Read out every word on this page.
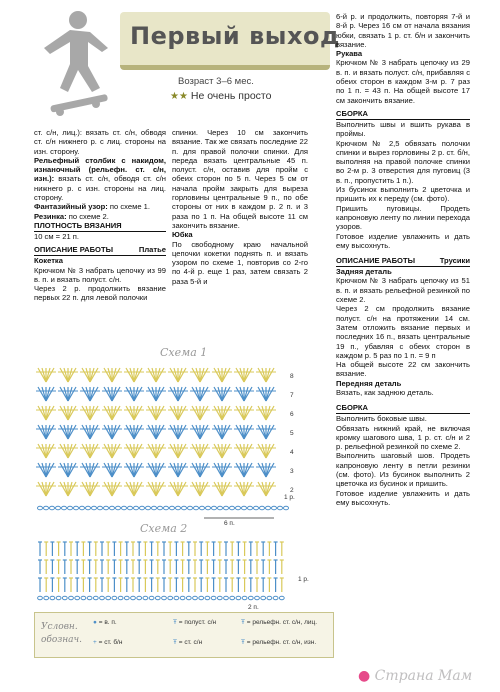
Первый выход
Возраст 3–6 мес.
★★ Не очень просто

ст. с/н, лиц.): вязать ст. с/н, обводя ст. с/н нижнего р. с лиц. стороны на изн. сторону.

Рельефный столбик с накидом, изнаночный (рельефн. ст. с/н, изн.): вязать ст. с/н, обводя ст. с/н нижнего р. с изн. стороны на лиц. сторону.

Фантазийный узор: по схеме 1.

Резинка: по схеме 2.

ПЛОТНОСТЬ ВЯЗАНИЯ

10 см = 21 п.

ОПИСАНИЕ РАБОТЫ	Платье

Кокетка

Крючком № 3 набрать цепочку из 99 в. п. и вязать полуст. с/н.

Через 2 р. продолжить вязание первых 22 п. для левой полочки

спинки. Через 10 см закончить вязание. Так же связать последние 22 п. для правой полочки спинки. Для переда вязать центральные 45 п. полуст. с/н, оставив для пройм с обеих сторон по 5 п. Через 5 см от начала пройм закрыть для выреза горловины центральные 9 п., по обе стороны от них в каждом р. 2 п. и 3 раза по 1 п. На общей высоте 11 см закончить вязание.

Юбка

По свободному краю начальной цепочки кокетки поднять п. и вязать узором по схеме 1, повторив со 2-го по 4-й р. еще 1 раз, затем связать 2 раза 5-й и

6-й р. и продолжить, повторяя 7-й и 8-й р. Через 16 см от начала вязания юбки, связать 1 р. ст. б/н и закончить вязание.

Рукава

Крючком № 3 набрать цепочку из 29 в. п. и вязать полуст. с/н, прибавляя с обеих сторон в каждом 3-м р. 7 раз по 1 п. = 43 п. На общей высоте 17 см закончить вязание.

СБОРКА

Выполнить швы и вшить рукава в проймы.

Крючком № 2,5 обвязать полочки спинки и вырез горловины 2 р. ст. б/н, выполняя на правой полочке спинки во 2-м р. 3 отверстия для пуговиц (3 в. п., пропустить 1 п.).

Из бусинок выполнить 2 цветочка и пришить их к переду (см. фото).

Пришить пуговицы. Продеть капроновую ленту по линии перехода узоров.

Готовое изделие увлажнить и дать ему высохнуть.

ОПИСАНИЕ РАБОТЫ	Трусики

Задняя деталь

Крючком № 3 набрать цепочку из 51 в. п. и вязать рельефной резинкой по схеме 2.

Через 2 см продолжить вязание полуст. с/н на протяжении 14 см. Затем отложить вязание первых и последних 16 п., вязать центральные 19 п., убавляя с обеих сторон в каждом р. 5 раз по 1 п. = 9 п

На общей высоте 22 см закончить вязание.

Передняя деталь

Вязать, как заднюю деталь.

СБОРКА

Выполнить боковые швы.

Обвязать нижний край, не включая кромку шагового шва, 1 р. ст. с/н и 2 р. рельефной резинкой по схеме 2.

Выполнить шаговый шов. Продеть капроновую ленту в петли резинки (см. фото). Из бусинок выполнить 2 цветочка из бусинок и пришить.

Готовое изделие увлажнить и дать ему высохнуть.

Схема 1
8
7
6
5
4
3
2
1 р.
6 п.
Схема 2
1 р.
2 п.
Условн.
обознач.
● = в. п.	Ŧ = полуст. с/н	Ŧ = рельефн. ст. с/н, лиц.
+ = ст. б/н	Ŧ = ст. с/н	Ŧ = рельефн. ст. с/н, изн.
● Страна Мам
